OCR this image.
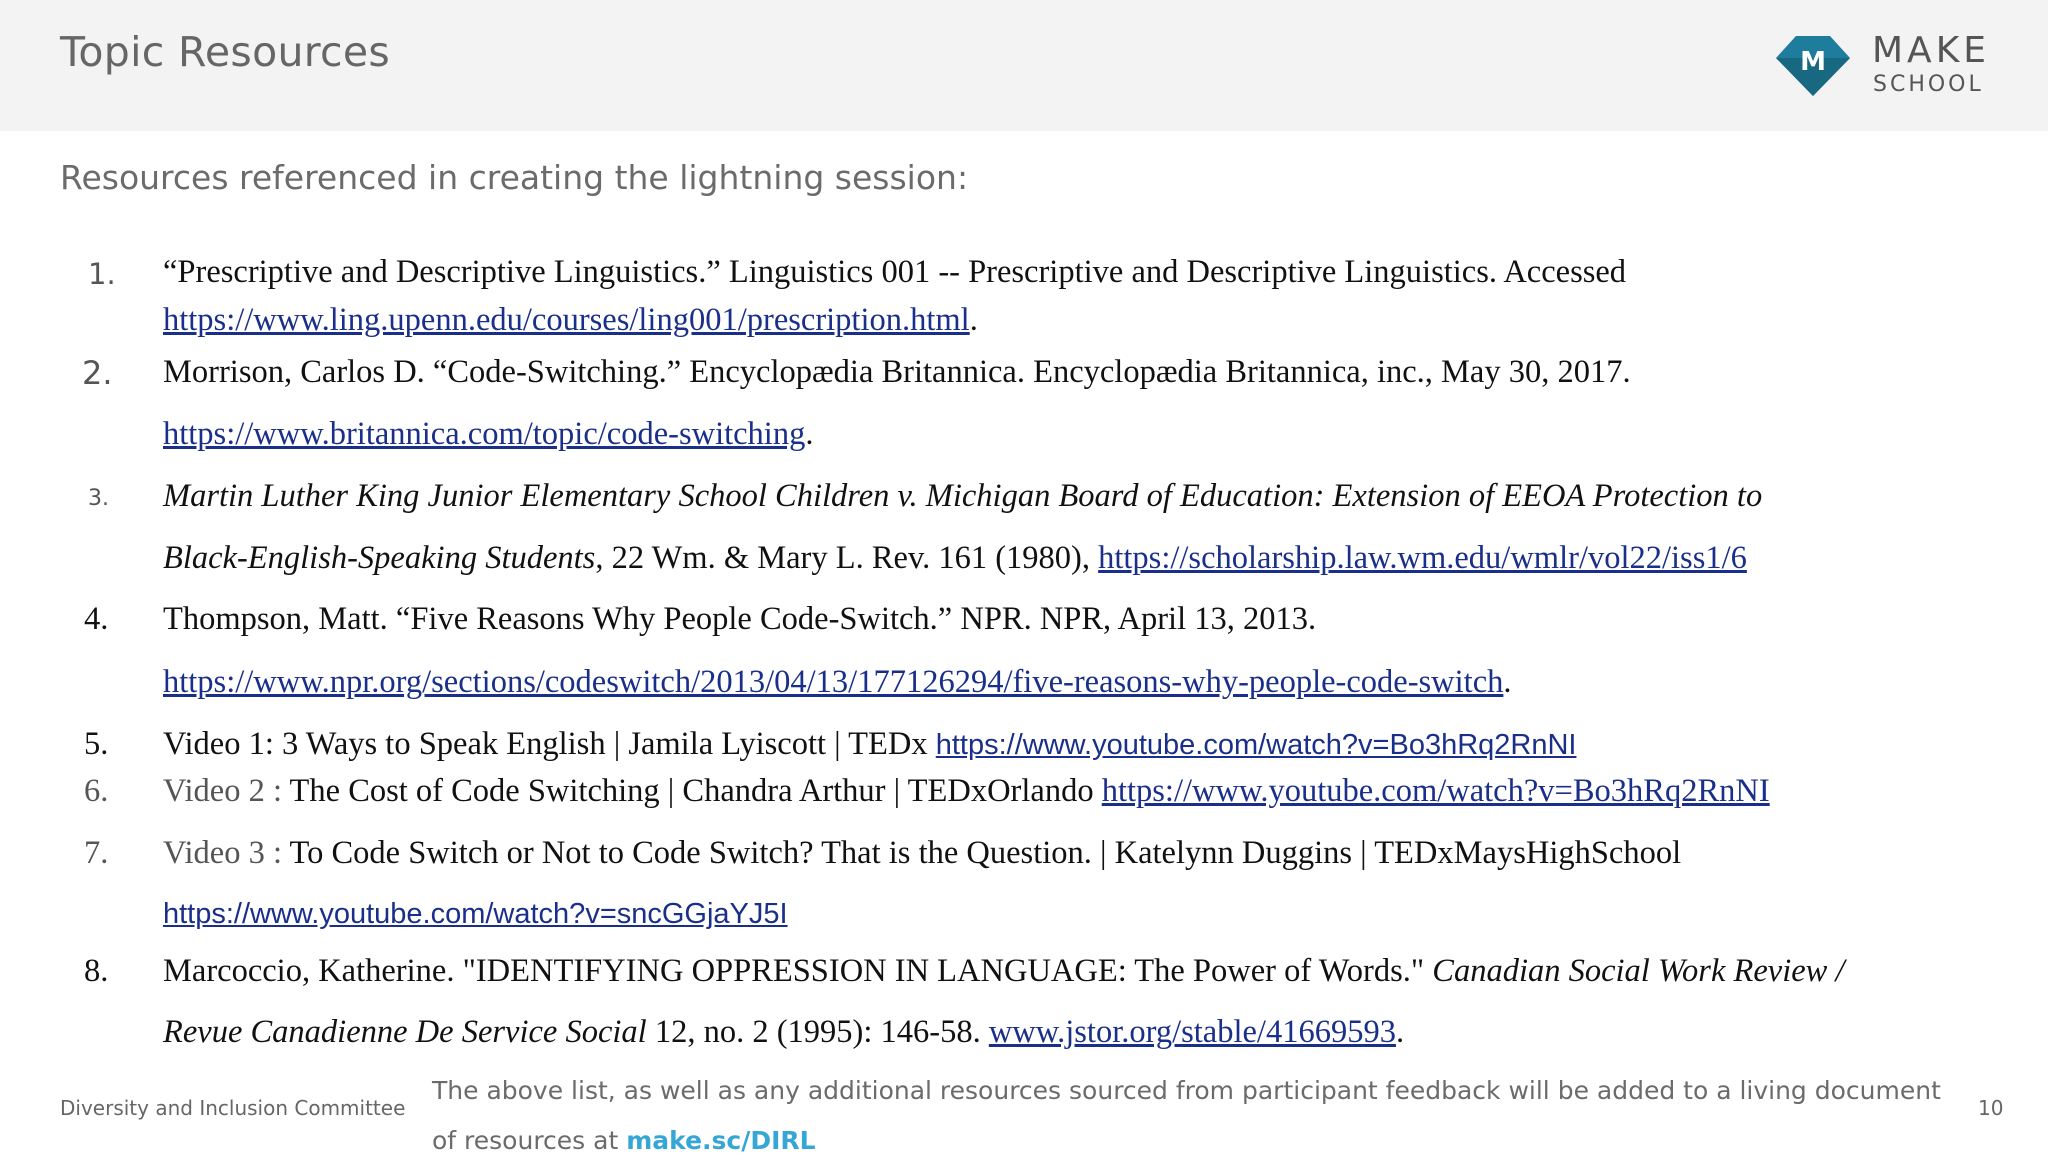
Topic Resources	M MAKE
SCHOOL
Resources referenced in creating the lightning session:
1. “Prescriptive and Descriptive Linguistics.” Linguistics 001 -- Prescriptive and Descriptive Linguistics. Accessed
https://www.ling.upenn.edu/courses/ling001/prescription.html.
2. Morrison, Carlos D. “Code-Switching.” Encyclopædia Britannica. Encyclopædia Britannica, inc., May 30, 2017.
https://www.britannica.com/topic/code-switching.
3. Martin Luther King Junior Elementary School Children v. Michigan Board of Education: Extension of EEOA Protection to
Black-English-Speaking Students, 22 Wm. & Mary L. Rev. 161 (1980), https://scholarship.law.wm.edu/wmlr/vol22/iss1/6
4. Thompson, Matt. “Five Reasons Why People Code-Switch.” NPR. NPR, April 13, 2013.
https://www.npr.org/sections/codeswitch/2013/04/13/177126294/five-reasons-why-people-code-switch.
5. Video 1: 3 Ways to Speak English | Jamila Lyiscott | TEDx https://www.youtube.com/watch?v=Bo3hRq2RnNI
6. Video 2 : The Cost of Code Switching | Chandra Arthur | TEDxOrlando https://www.youtube.com/watch?v=Bo3hRq2RnNI
7. Video 3 : To Code Switch or Not to Code Switch? That is the Question. | Katelynn Duggins | TEDxMaysHighSchool
https://www.youtube.com/watch?v=sncGGjaYJ5I
8. Marcoccio, Katherine. "IDENTIFYING OPPRESSION IN LANGUAGE: The Power of Words." Canadian Social Work Review /
Revue Canadienne De Service Social 12, no. 2 (1995): 146-58. www.jstor.org/stable/41669593.
Diversity and Inclusion Committee
The above list, as well as any additional resources sourced from participant feedback will be added to a living document of resources at make.sc/DIRL
10
